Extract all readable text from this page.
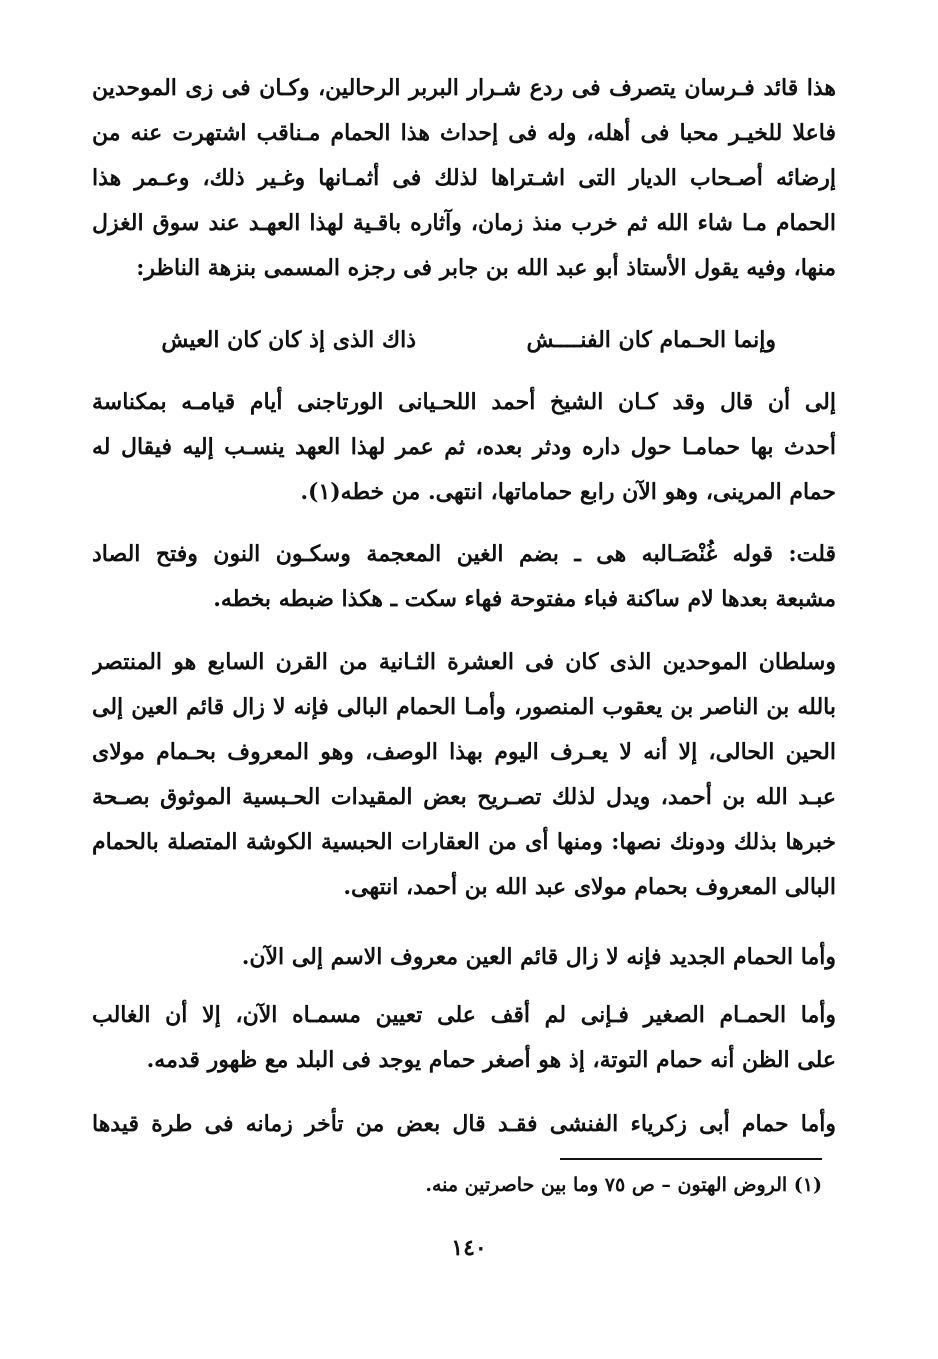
هذا قائد فـرسان يتصرف فى ردع شـرار البربر الرحالين، وكـان فى زى الموحدين
فاعلا للخيـر محبا فى أهله، وله فى إحداث هذا الحمام مـناقب اشتهرت عنه من
إرضائه أصـحاب الديار التى اشـتراها لذلك فى أثمـانها وغـير ذلك، وعـمر هذا
الحمام مـا شاء الله ثم خرب منذ زمان، وآثاره باقـية لهذا العهـد عند سوق الغزل
منها، وفيه يقول الأستاذ أبو عبد الله بن جابر فى رجزه المسمى بنزهة الناظر:
وإنما الحـمام كان الفنــــش
ذاك الذى إذ كان كان العيش
إلى أن قال وقد كـان الشيخ أحمد اللحـيانى الورتاجنى أيام قيامـه بمكناسة
أحدث بها حمامـا حول داره ودثر بعده، ثم عمر لهذا العهد ينسـب إليه فيقال له
حمام المرينى، وهو الآن رابع حماماتها، انتهى. من خطه(١).
قلت: قوله غُنْصَـالبه هى ـ بضم الغين المعجمة وسكـون النون وفتح الصاد
مشبعة بعدها لام ساكنة فباء مفتوحة فهاء سكت ـ هكذا ضبطه بخطه.
وسلطان الموحدين الذى كان فى العشرة الثـانية من القرن السابع هو المنتصر
بالله بن الناصر بن يعقوب المنصور، وأمـا الحمام البالى فإنه لا زال قائم العين إلى
الحين الحالى، إلا أنه لا يعـرف اليوم بهذا الوصف، وهو المعروف بحـمام مولاى
عبـد الله بن أحمد، ويدل لذلك تصـريح بعض المقيدات الحـبسية الموثوق بصـحة
خبرها بذلك ودونك نصها: ومنها أى من العقارات الحبسية الكوشة المتصلة بالحمام
البالى المعروف بحمام مولاى عبد الله بن أحمد، انتهى.
وأما الحمام الجديد فإنه لا زال قائم العين معروف الاسم إلى الآن.
وأما الحمـام الصغير فـإنى لم أقف على تعيين مسمـاه الآن، إلا أن الغالب
على الظن أنه حمام التوتة، إذ هو أصغر حمام يوجد فى البلد مع ظهور قدمه.
وأما حمام أبى زكرياء الفنشى فقـد قال بعض من تأخر زمانه فى طرة قيدها
(١) الروض الهتون – ص ٧٥ وما بين حاصرتين منه.
١٤٠
